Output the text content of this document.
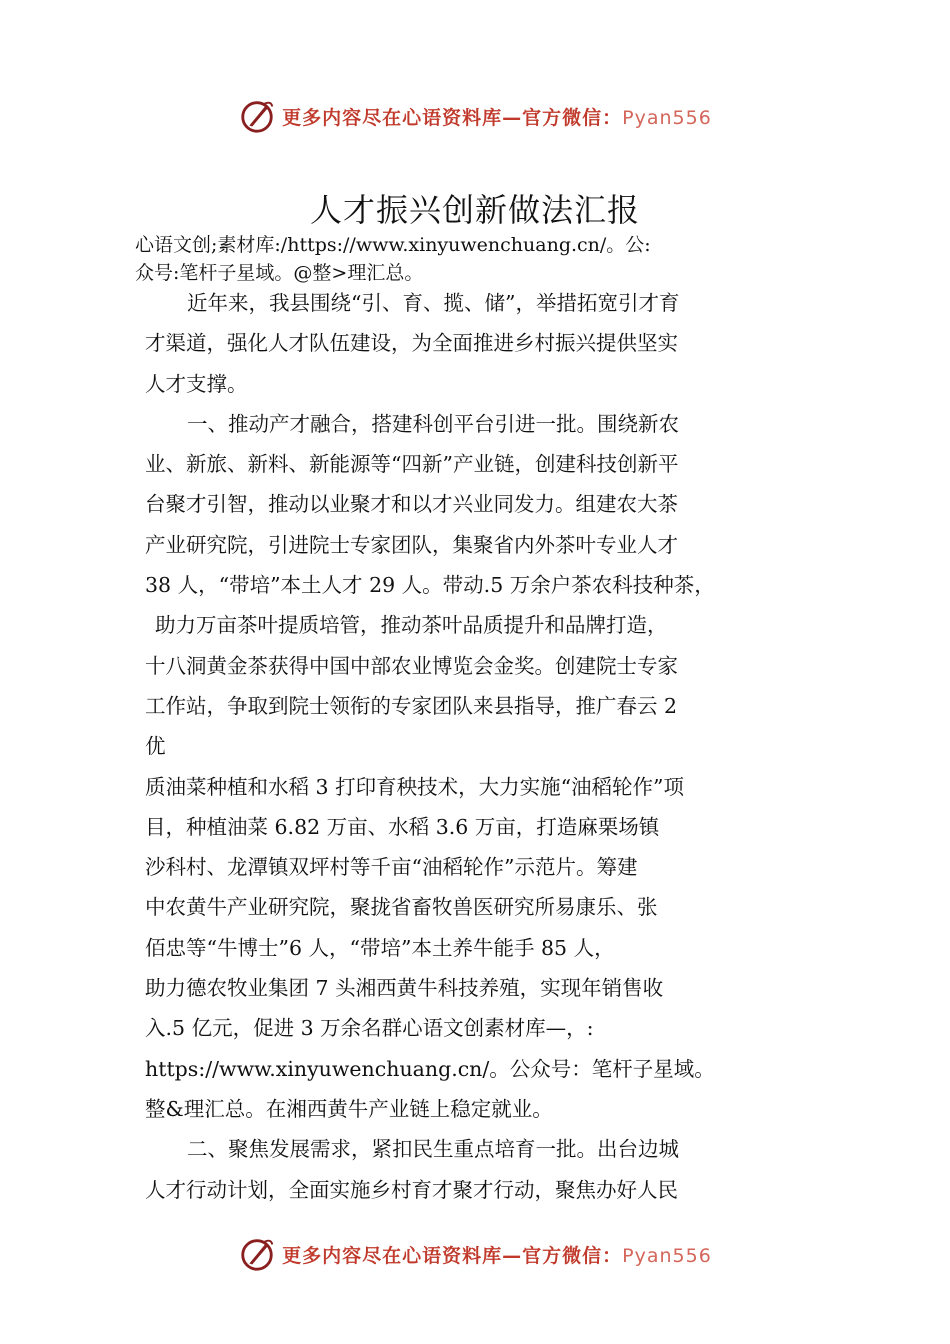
更多内容尽在心语资料库—官方微信：Pyan556
人才振兴创新做法汇报
心语文创;素材库:/https://www.xinyuwenchuang.cn/。公:
众号:笔杆子星域。@整>理汇总。
近年来，我县围绕“引、育、揽、储”，举措拓宽引才育
才渠道，强化人才队伍建设，为全面推进乡村振兴提供坚实
人才支撑。
一、推动产才融合，搭建科创平台引进一批。围绕新农
业、新旅、新料、新能源等“四新”产业链，创建科技创新平
台聚才引智，推动以业聚才和以才兴业同发力。组建农大茶
产业研究院，引进院士专家团队，集聚省内外茶叶专业人才
38 人，“带培”本土人才 29 人。带动.5 万余户茶农科技种茶，
助力万亩茶叶提质培管，推动茶叶品质提升和品牌打造，
十八洞黄金茶获得中国中部农业博览会金奖。创建院士专家
工作站，争取到院士领衔的专家团队来县指导，推广春云 2
优
质油菜种植和水稻 3 打印育秧技术，大力实施“油稻轮作”项
目，种植油菜 6.82 万亩、水稻 3.6 万亩，打造麻栗场镇
沙科村、龙潭镇双坪村等千亩“油稻轮作”示范片。筹建
中农黄牛产业研究院，聚拢省畜牧兽医研究所易康乐、张
佰忠等“牛博士”6 人，“带培”本土养牛能手 85 人，
助力德农牧业集团 7 头湘西黄牛科技养殖，实现年销售收
入.5 亿元，促进 3 万余名群心语文创素材库—，:
https://www.xinyuwenchuang.cn/。公众号：笔杆子星域。
整&理汇总。在湘西黄牛产业链上稳定就业。
二、聚焦发展需求，紧扣民生重点培育一批。出台边城
人才行动计划，全面实施乡村育才聚才行动，聚焦办好人民
更多内容尽在心语资料库—官方微信：Pyan556
